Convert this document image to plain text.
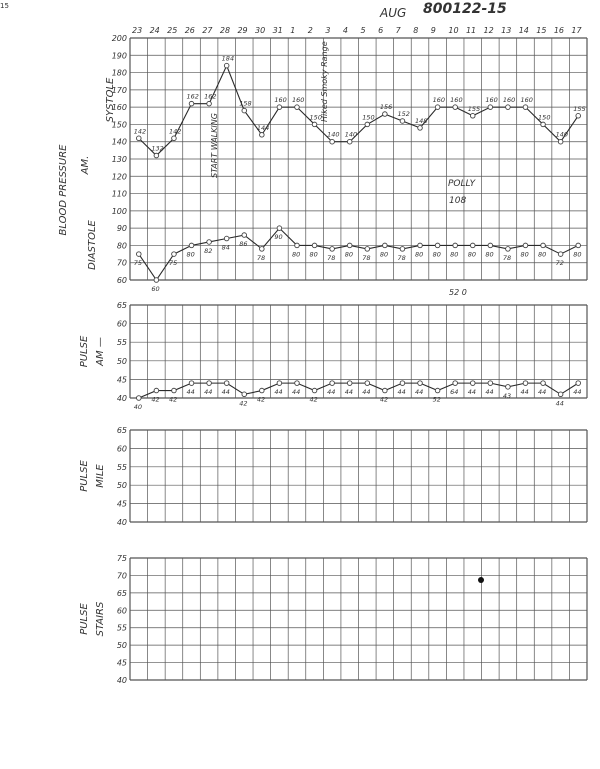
23 24 25 26 27 28 29 30 31 1 2 3 4 5 6 7 8 9 10 11 12 13 14 15 16 17
60
70
80
90
100
110
120
130
140
150
160
170
180
190
200
BLOOD PRESSURE AM.
SYSTOLE
DIASTOLE
40
45
50
55
60
65
PULSE AM —
40
45
50
55
60
65
PULSE MILE
40
45
50
55
60
65
70
75
PULSE STAIRS
142
132
142
162 162
184
158
144
160 160
150
140 140
150
156
152
148
160 160
155
160 160 160
150
140
155
75
60
75
80 82 84 86
78
90
80 80 78 80 78 80 78 80 80 80 80 80 78 80 80
72
80
40
42 42
44 44 44
42 42
44 44
42
44 44 44
42
44 44
52
64 44 44 43 44 44
44
44
15	AUG 800122-15
START WALKING
Hiked Smoky Range
POLLY
108
52 0
